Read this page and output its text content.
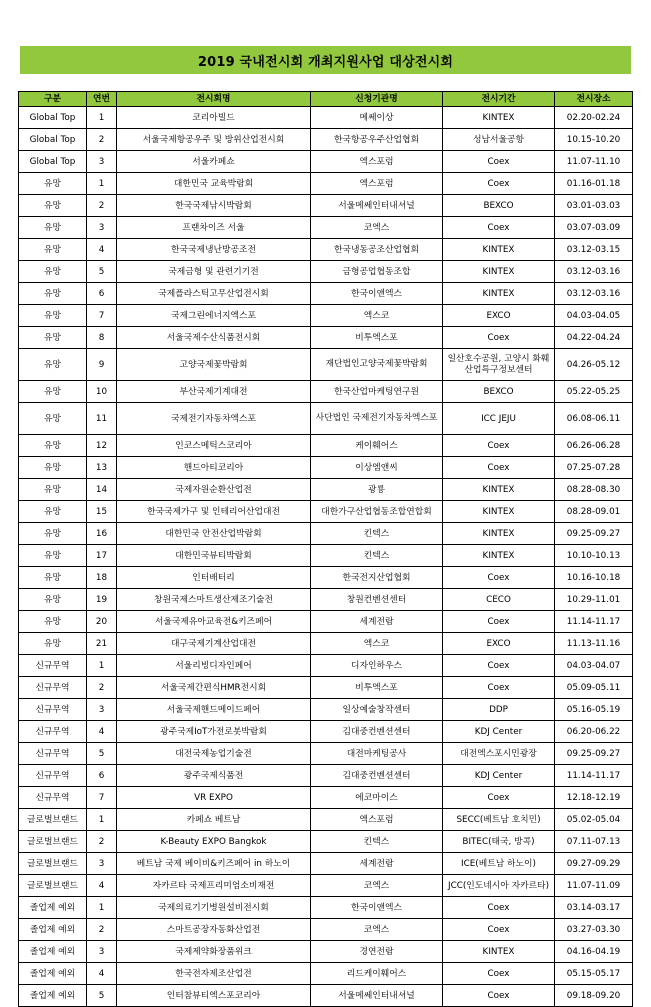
2019 국내전시회 개최지원사업 대상전시회
구분	연번	전시회명	신청기관명	전시기간	전시장소
Global Top	1	코리아빌드	메쎄이상	KINTEX	02.20-02.24
Global Top	2	서울국제항공우주 및 방위산업전시회	한국항공우주산업협회	성남서울공항	10.15-10.20
Global Top	3	서울카페쇼	엑스포럼	Coex	11.07-11.10
유망	1	대한민국 교육박람회	엑스포럼	Coex	01.16-01.18
유망	2	한국국제낚시박람회	서울메쎄인터내셔널	BEXCO	03.01-03.03
유망	3	프랜차이즈 서울	코엑스	Coex	03.07-03.09
유망	4	한국국제냉난방공조전	한국냉동공조산업협회	KINTEX	03.12-03.15
유망	5	국제금형 및 관련기기전	금형공업협동조합	KINTEX	03.12-03.16
유망	6	국제플라스틱고무산업전시회	한국이앤엑스	KINTEX	03.12-03.16
유망	7	국제그린에너지엑스포	엑스코	EXCO	04.03-04.05
유망	8	서울국제수산식품전시회	비투엑스포	Coex	04.22-04.24
유망	9	고양국제꽃박람회	재단법인고양국제꽃박람회	일산호수공원, 고양시 화훼산업특구정보센터	04.26-05.12
유망	10	부산국제기계대전	한국산업마케팅연구원	BEXCO	05.22-05.25
유망	11	국제전기자동차엑스포	사단법인 국제전기자동차엑스포	ICC JEJU	06.08-06.11
유망	12	인코스메틱스코리아	케이훼어스	Coex	06.26-06.28
유망	13	핸드아티코리아	이상엠앤씨	Coex	07.25-07.28
유망	14	국제자원순환산업전	광룡	KINTEX	08.28-08.30
유망	15	한국국제가구 및 인테리어산업대전	대한가구산업협동조합연합회	KINTEX	08.28-09.01
유망	16	대한민국 안전산업박람회	킨텍스	KINTEX	09.25-09.27
유망	17	대한민국뷰티박람회	킨텍스	KINTEX	10.10-10.13
유망	18	인터배터리	한국전지산업협회	Coex	10.16-10.18
유망	19	창원국제스마트생산제조기술전	창원컨벤션센터	CECO	10.29-11.01
유망	20	서울국제유아교육전&키즈페어	세계전람	Coex	11.14-11.17
유망	21	대구국제기계산업대전	엑스코	EXCO	11.13-11.16
신규무역	1	서울리빙디자인페어	디자인하우스	Coex	04.03-04.07
신규무역	2	서울국제간편식HMR전시회	비투엑스포	Coex	05.09-05.11
신규무역	3	서울국제핸드메이드페어	일상예술창작센터	DDP	05.16-05.19
신규무역	4	광주국제IoT가전로봇박람회	김대중컨벤션센터	KDJ Center	06.20-06.22
신규무역	5	대전국제농업기술전	대전마케팅공사	대전엑스포시민광장	09.25-09.27
신규무역	6	광주국제식품전	김대중컨벤션센터	KDJ Center	11.14-11.17
신규무역	7	VR EXPO	에코마이스	Coex	12.18-12.19
글로벌브랜드	1	카페쇼 베트남	엑스포럼	SECC(베트남 호치민)	05.02-05.04
글로벌브랜드	2	K-Beauty EXPO Bangkok	킨텍스	BITEC(태국, 방콕)	07.11-07.13
글로벌브랜드	3	베트남 국제 베이비&키즈페어 in 하노이	세계전람	ICE(베트남 하노이)	09.27-09.29
글로벌브랜드	4	자카르타 국제프리미엄소비재전	코엑스	JCC(인도네시아 자카르타)	11.07-11.09
졸업제 예외	1	국제의료기기병원설비전시회	한국이앤엑스	Coex	03.14-03.17
졸업제 예외	2	스마트공장자동화산업전	코엑스	Coex	03.27-03.30
졸업제 예외	3	국제제약화장품위크	경연전람	KINTEX	04.16-04.19
졸업제 예외	4	한국전자제조산업전	리드케이훼어스	Coex	05.15-05.17
졸업제 예외	5	인터참뷰티엑스포코리아	서울메쎄인터내셔널	Coex	09.18-09.20
